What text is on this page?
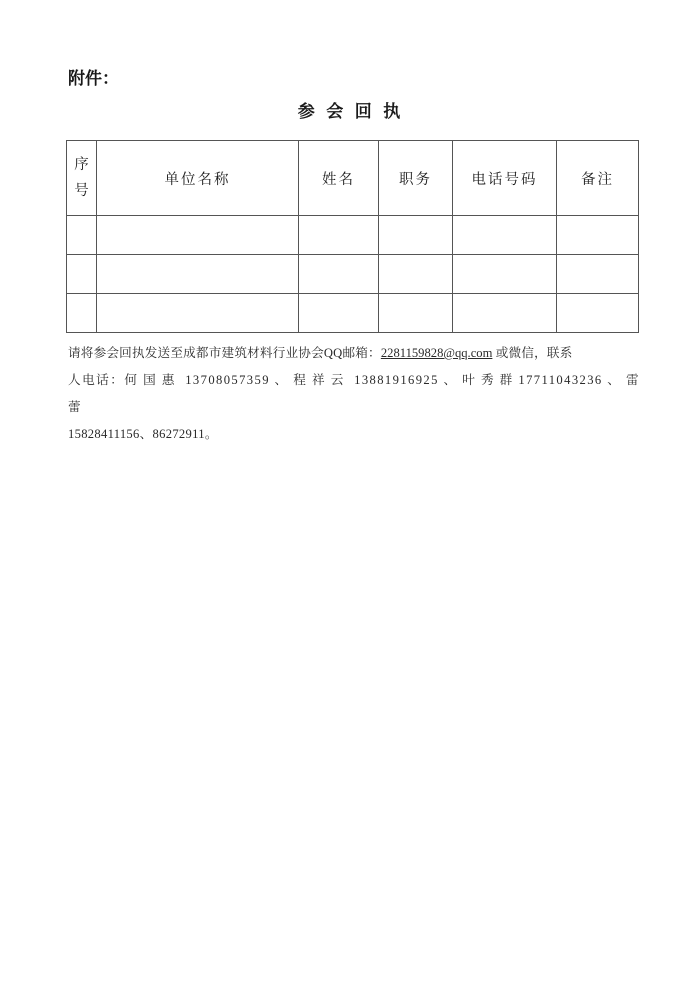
附件：
参  会  回  执
序
号	单位名称	姓名	职务	电话号码	备注

请将参会回执发送至成都市建筑材料行业协会QQ邮箱：2281159828@qq.com 或微信，联系
人电话：何 国 惠  13708057359 、 程 祥 云  13881916925 、 叶 秀 群 17711043236 、 雷 蕾
15828411156、86272911。
